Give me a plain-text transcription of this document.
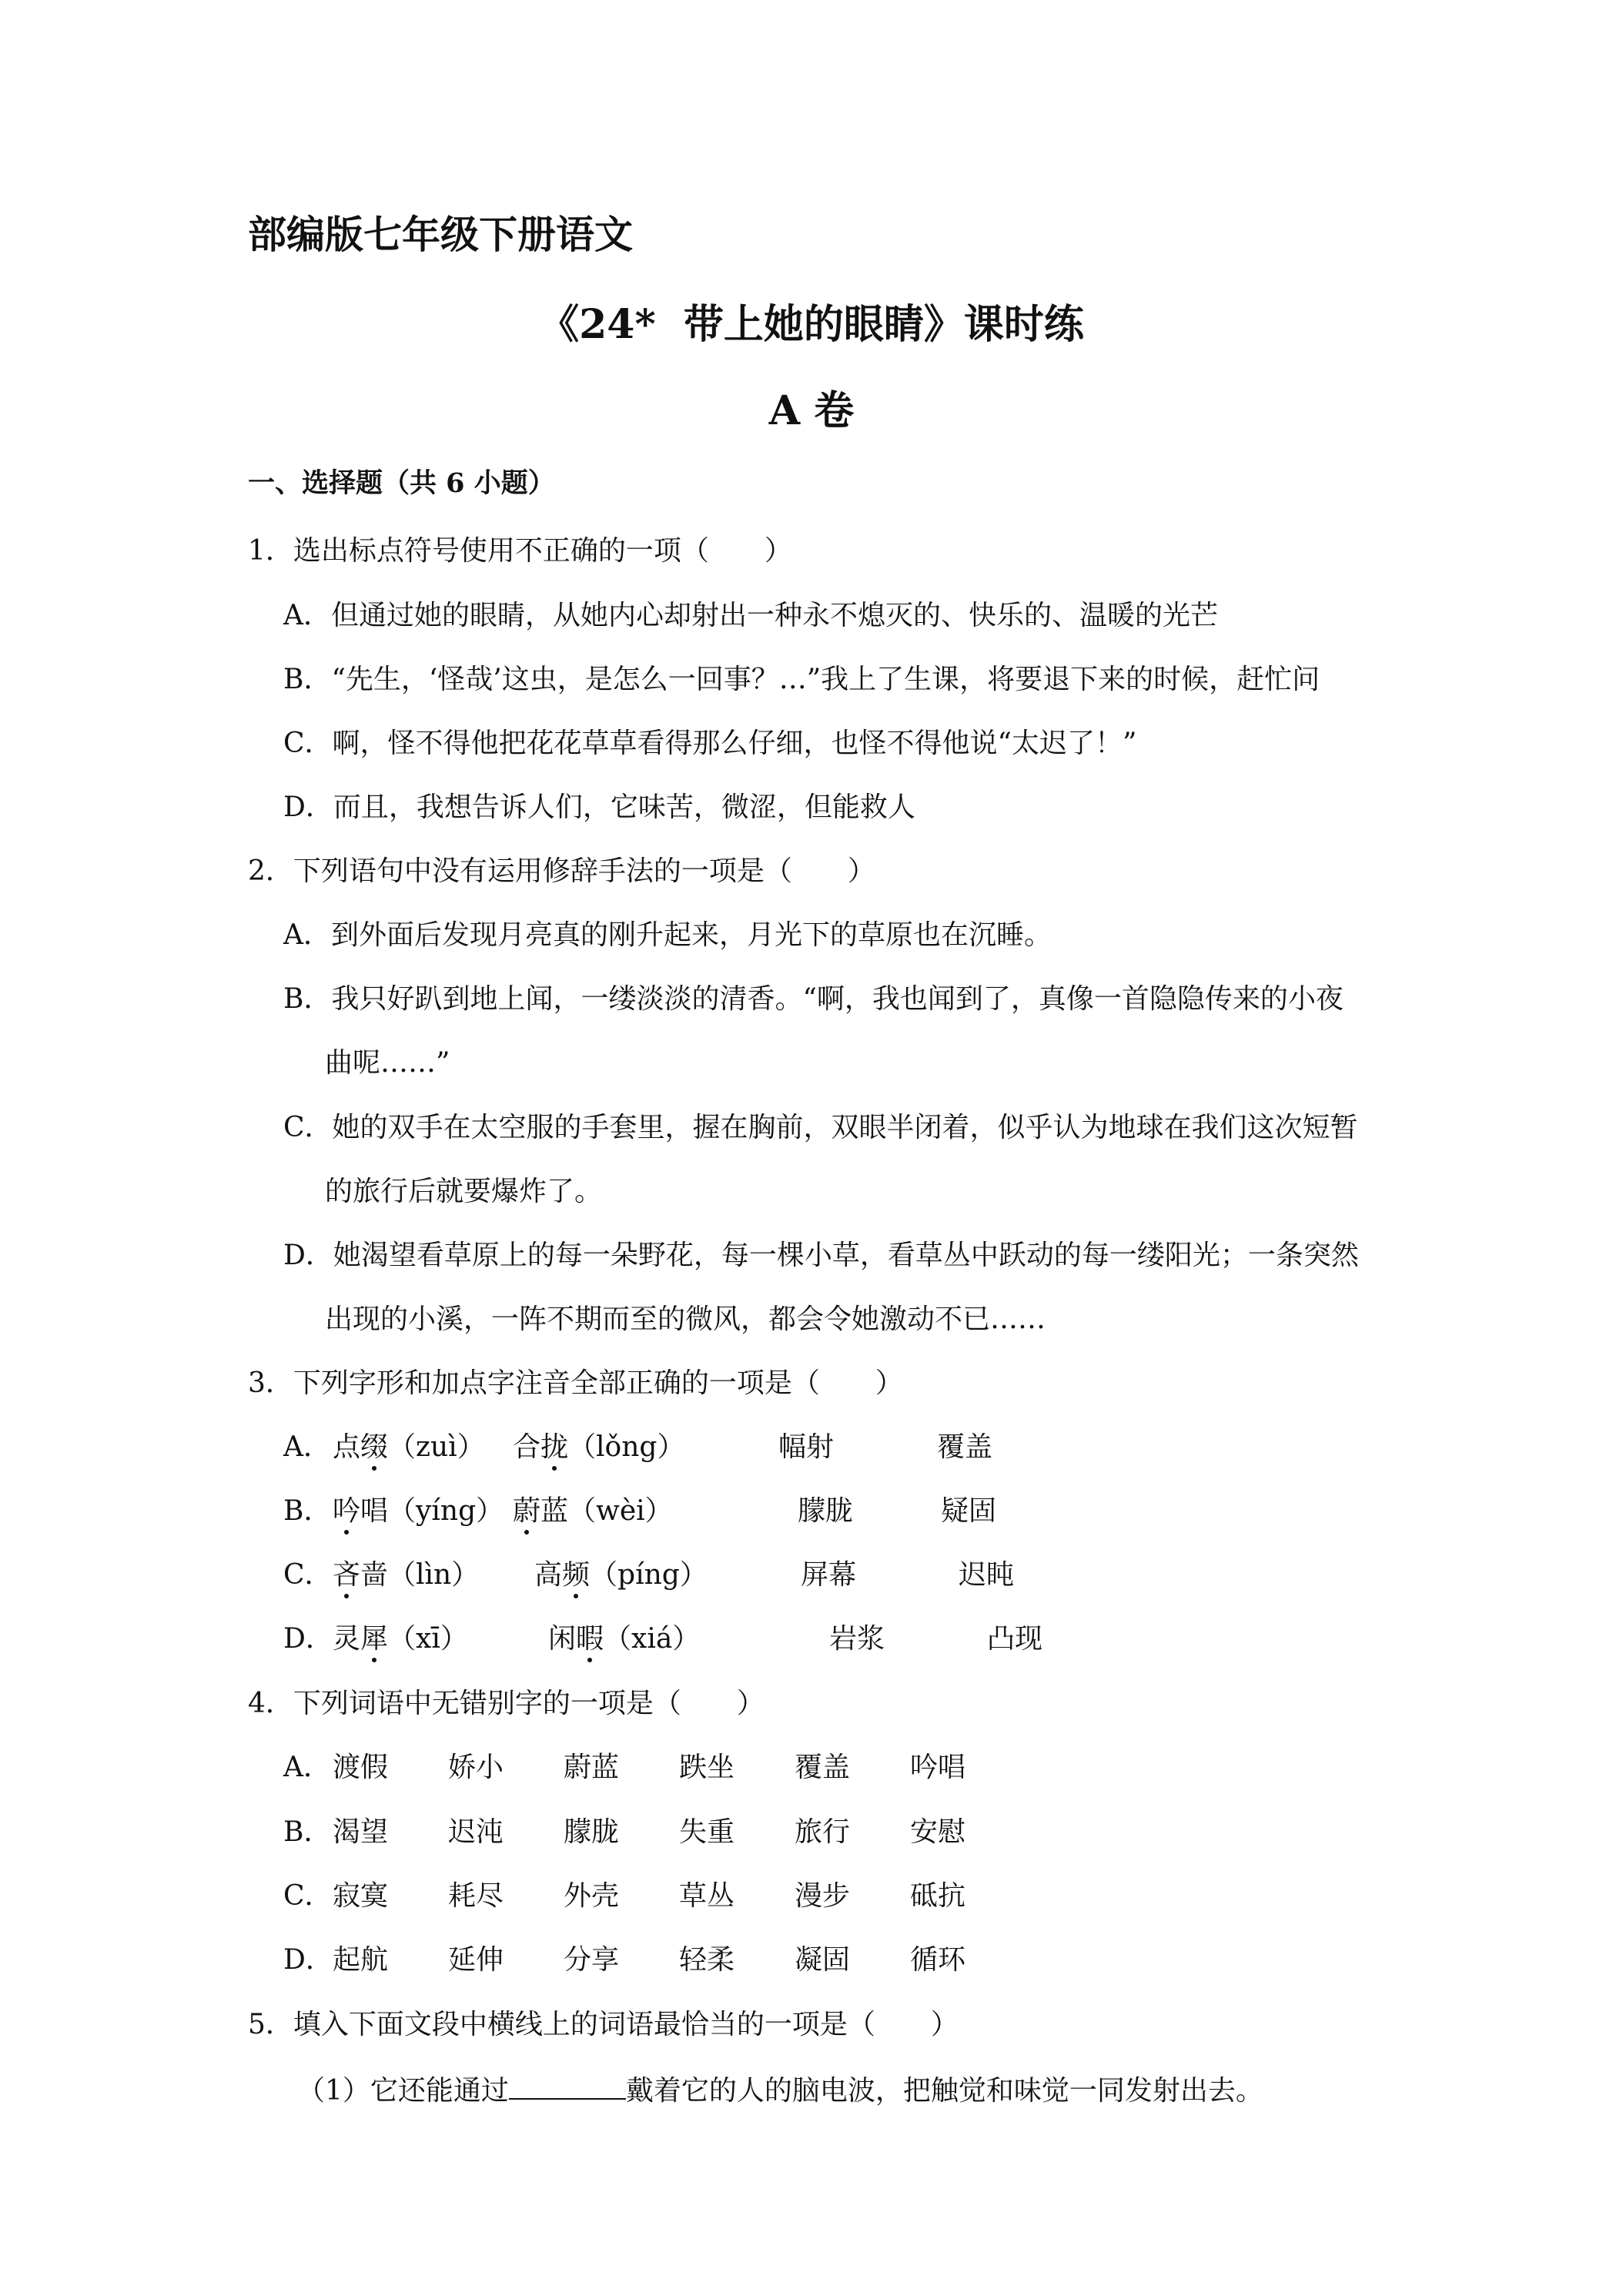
部编版七年级下册语文
《24*  带上她的眼睛》课时练
A 卷
一、选择题（共 6 小题）
1．选出标点符号使用不正确的一项（　　）
A．但通过她的眼睛，从她内心却射出一种永不熄灭的、快乐的、温暖的光芒
B．“先生，‘怪哉’这虫，是怎么一回事？…”我上了生课，将要退下来的时候，赶忙问
C．啊，怪不得他把花花草草看得那么仔细，也怪不得他说“太迟了！”
D．而且，我想告诉人们，它味苦，微涩，但能救人
2．下列语句中没有运用修辞手法的一项是（　　）
A．到外面后发现月亮真的刚升起来，月光下的草原也在沉睡。
B．我只好趴到地上闻，一缕淡淡的清香。“啊，我也闻到了，真像一首隐隐传来的小夜
曲呢……”
C．她的双手在太空服的手套里，握在胸前，双眼半闭着，似乎认为地球在我们这次短暂
的旅行后就要爆炸了。
D．她渴望看草原上的每一朵野花，每一棵小草，看草丛中跃动的每一缕阳光；一条突然
出现的小溪，一阵不期而至的微风，都会令她激动不已……
3．下列字形和加点字注音全部正确的一项是（　　）
A． 点缀（zuì） 合拢（lǒng）	幅射	覆盖
B． 吟唱（yíng） 蔚蓝（wèi）	朦胧	疑固
C． 吝啬（lìn） 高频（píng）	屏幕	迟盹
D． 灵犀（xī）	闲暇（xiá）	岩浆	凸现
4．下列词语中无错别字的一项是（　　）
A． 渡假 娇小 蔚蓝 跌坐 覆盖 吟唱
B． 渴望 迟沌 朦胧 失重 旅行 安慰
C． 寂寞 耗尽 外壳 草丛 漫步 砥抗
D． 起航 延伸 分享 轻柔 凝固 循环
5．填入下面文段中横线上的词语最恰当的一项是（　　）
（1）它还能通过	戴着它的人的脑电波，把触觉和味觉一同发射出去。
